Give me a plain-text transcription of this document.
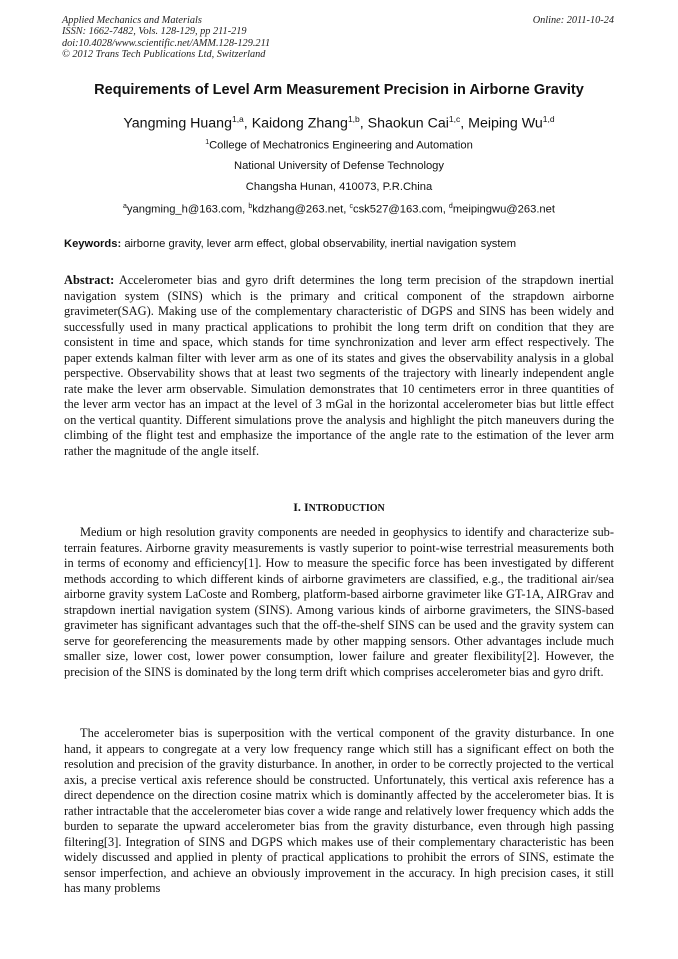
Applied Mechanics and Materials
ISSN: 1662-7482, Vols. 128-129, pp 211-219
doi:10.4028/www.scientific.net/AMM.128-129.211
© 2012 Trans Tech Publications Ltd, Switzerland
Online: 2011-10-24
Requirements of Level Arm Measurement Precision in Airborne Gravity
Yangming Huang$^{1,a}$, Kaidong Zhang$^{1,b}$, Shaokun Cai$^{1,c}$, Meiping Wu$^{1,d}$
$^1$College of Mechatronics Engineering and Automation
National University of Defense Technology
Changsha Hunan, 410073, P.R.China
$^a$yangming_h@163.com, $^b$kdzhang@263.net, $^c$csk527@163.com, $^d$meipingwu@263.net
Keywords: airborne gravity, lever arm effect, global observability, inertial navigation system
Abstract: Accelerometer bias and gyro drift determines the long term precision of the strapdown inertial navigation system (SINS) which is the primary and critical component of the strapdown airborne gravimeter(SAG). Making use of the complementary characteristic of DGPS and SINS has been widely and successfully used in many practical applications to prohibit the long term drift on condition that they are consistent in time and space, which stands for time synchronization and lever arm effect respectively. The paper extends kalman filter with lever arm as one of its states and gives the observability analysis in a global perspective. Observability shows that at least two segments of the trajectory with linearly independent angle rate make the lever arm observable. Simulation demonstrates that 10 centimeters error in three quantities of the lever arm vector has an impact at the level of 3 mGal in the horizontal accelerometer bias but little effect on the vertical quantity. Different simulations prove the analysis and highlight the pitch maneuvers during the climbing of the flight test and emphasize the importance of the angle rate to the estimation of the lever arm rather the magnitude of the angle itself.
I. INTRODUCTION
Medium or high resolution gravity components are needed in geophysics to identify and characterize sub-terrain features. Airborne gravity measurements is vastly superior to point-wise terrestrial measurements both in terms of economy and efficiency[1]. How to measure the specific force has been investigated by different methods according to which different kinds of airborne gravimeters are classified, e.g., the traditional air/sea airborne gravity system LaCoste and Romberg, platform-based airborne gravimeter like GT-1A, AIRGrav and strapdown inertial navigation system (SINS). Among various kinds of airborne gravimeters, the SINS-based gravimeter has significant advantages such that the off-the-shelf SINS can be used and the gravity system can serve for georeferencing the measurements made by other mapping sensors. Other advantages include much smaller size, lower cost, lower power consumption, lower failure and greater flexibility[2]. However, the precision of the SINS is dominated by the long term drift which comprises accelerometer bias and gyro drift.
The accelerometer bias is superposition with the vertical component of the gravity disturbance. In one hand, it appears to congregate at a very low frequency range which still has a significant effect on both the resolution and precision of the gravity disturbance. In another, in order to be correctly projected to the vertical axis, a precise vertical axis reference should be constructed. Unfortunately, this vertical axis reference has a direct dependence on the direction cosine matrix which is dominantly affected by the accelerometer bias. It is rather intractable that the accelerometer bias cover a wide range and relatively lower frequency which adds the burden to separate the upward accelerometer bias from the gravity disturbance, even through high passing filtering[3]. Integration of SINS and DGPS which makes use of their complementary characteristic has been widely discussed and applied in plenty of practical applications to prohibit the errors of SINS, estimate the sensor imperfection, and achieve an obviously improvement in the accuracy. In high precision cases, it still has many problems
